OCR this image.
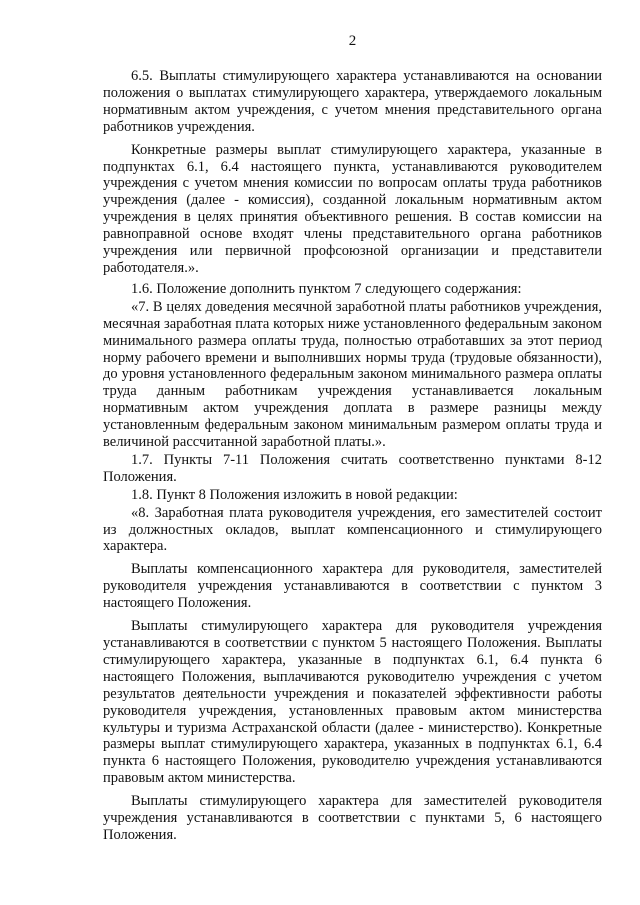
2

6.5. Выплаты стимулирующего характера устанавливаются на основании положения о выплатах стимулирующего характера, утверждаемого локальным нормативным актом учреждения, с учетом мнения представительного органа работников учреждения.

Конкретные размеры выплат стимулирующего характера, указанные в подпунктах 6.1, 6.4 настоящего пункта, устанавливаются руководителем учреждения с учетом мнения комиссии по вопросам оплаты труда работников учреждения (далее - комиссия), созданной локальным нормативным актом учреждения в целях принятия объективного решения. В состав комиссии на равноправной основе входят члены представительного органа работников учреждения или первичной профсоюзной организации и представители работодателя.».

1.6. Положение дополнить пунктом 7 следующего содержания:

«7. В целях доведения месячной заработной платы работников учреждения, месячная заработная плата которых ниже установленного федеральным законом минимального размера оплаты труда, полностью отработавших за этот период норму рабочего времени и выполнивших нормы труда (трудовые обязанности), до уровня установленного федеральным законом минимального размера оплаты труда данным работникам учреждения устанавливается локальным нормативным актом учреждения доплата в размере разницы между установленным федеральным законом минимальным размером оплаты труда и величиной рассчитанной заработной платы.».

1.7. Пункты 7-11 Положения считать соответственно пунктами 8-12 Положения.

1.8. Пункт 8 Положения изложить в новой редакции:

«8. Заработная плата руководителя учреждения, его заместителей состоит из должностных окладов, выплат компенсационного и стимулирующего характера.

Выплаты компенсационного характера для руководителя, заместителей руководителя учреждения устанавливаются в соответствии с пунктом 3 настоящего Положения.

Выплаты стимулирующего характера для руководителя учреждения устанавливаются в соответствии с пунктом 5 настоящего Положения. Выплаты стимулирующего характера, указанные в подпунктах 6.1, 6.4 пункта 6 настоящего Положения, выплачиваются руководителю учреждения с учетом результатов деятельности учреждения и показателей эффективности работы руководителя учреждения, установленных правовым актом министерства культуры и туризма Астраханской области (далее - министерство). Конкретные размеры выплат стимулирующего характера, указанных в подпунктах 6.1, 6.4 пункта 6 настоящего Положения, руководителю учреждения устанавливаются правовым актом министерства.

Выплаты стимулирующего характера для заместителей руководителя учреждения устанавливаются в соответствии с пунктами 5, 6 настоящего Положения.
